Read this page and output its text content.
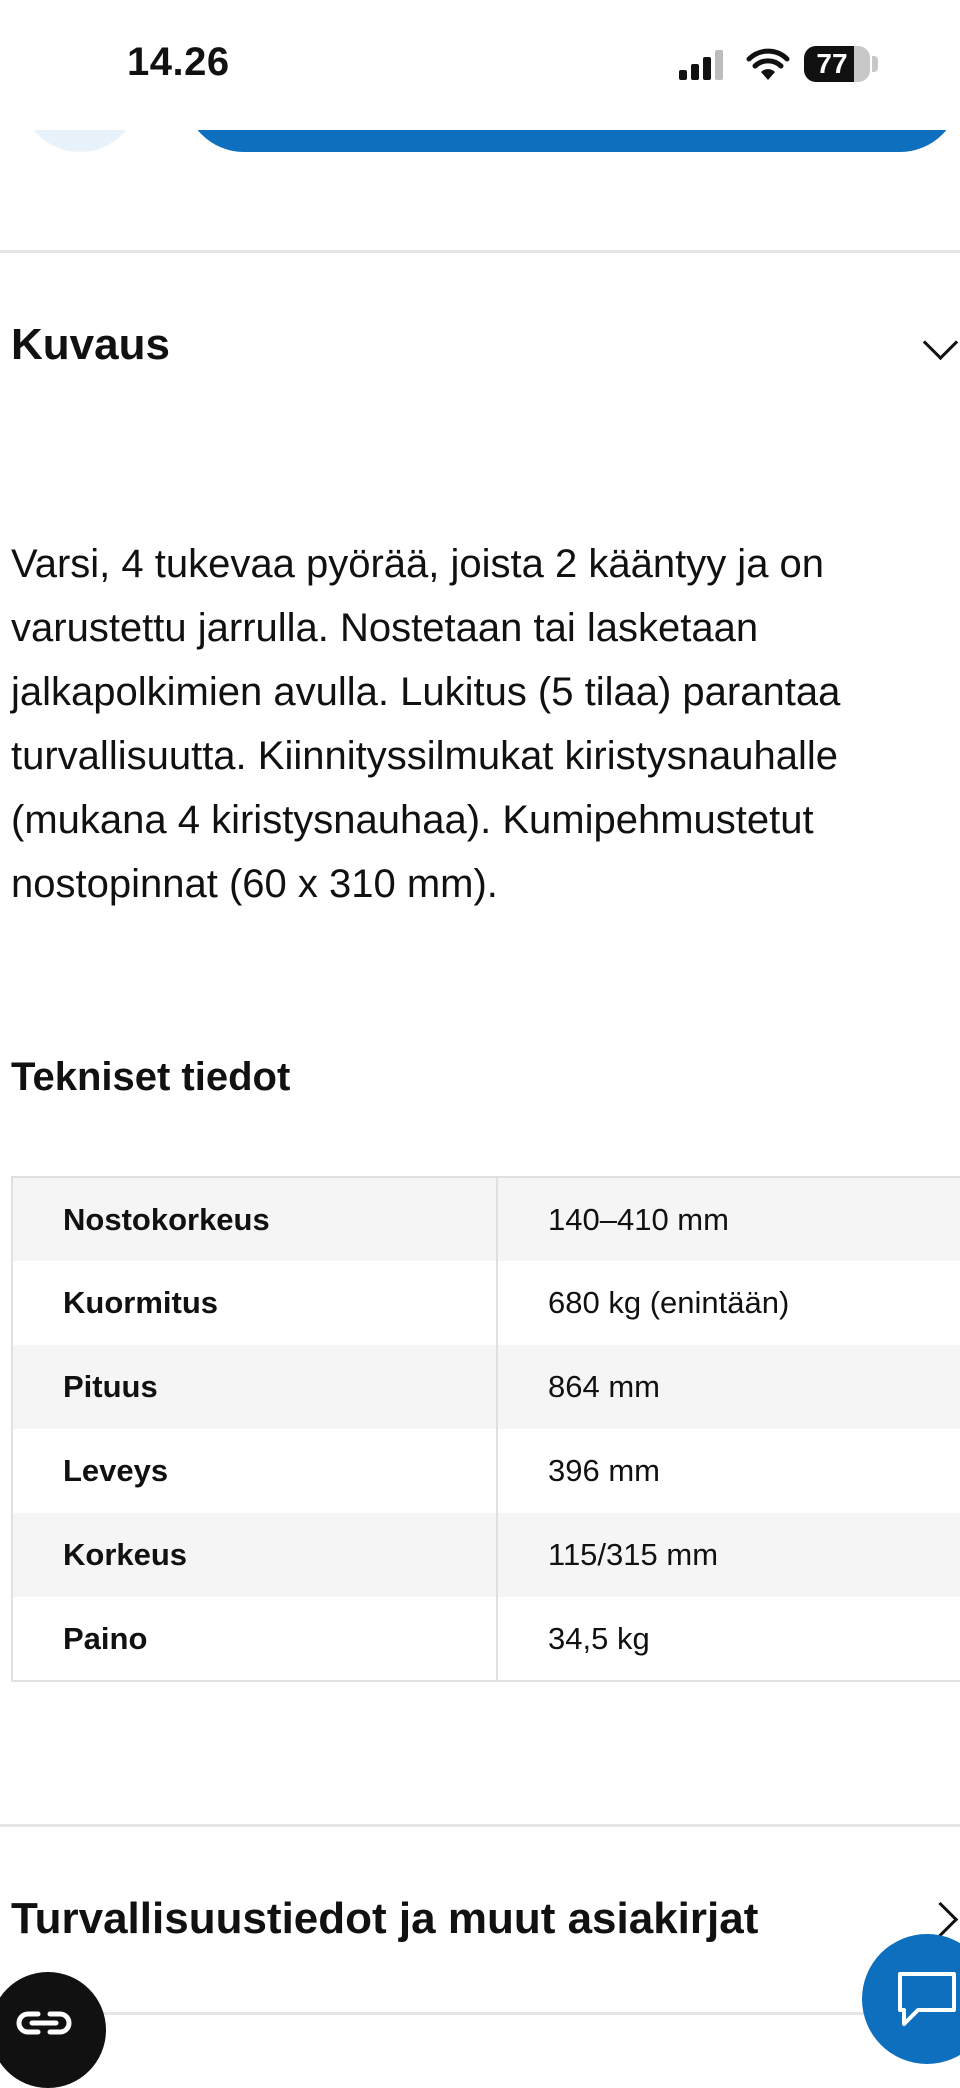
14.26	77
Kuvaus

Varsi, 4 tukevaa pyörää, joista 2 kääntyy ja on varustettu jarrulla. Nostetaan tai lasketaan jalkapolkimien avulla. Lukitus (5 tilaa) parantaa turvallisuutta. Kiinnityssilmukat kiristysnauhalle (mukana 4 kiristysnauhaa). Kumipehmustetut nostopinnat (60 x 310 mm).

Tekniset tiedot
Nostokorkeus	140–410 mm
Kuormitus	680 kg (enintään)
Pituus	864 mm
Leveys	396 mm
Korkeus	115/315 mm
Paino	34,5 kg
Turvallisuustiedot ja muut asiakirjat
